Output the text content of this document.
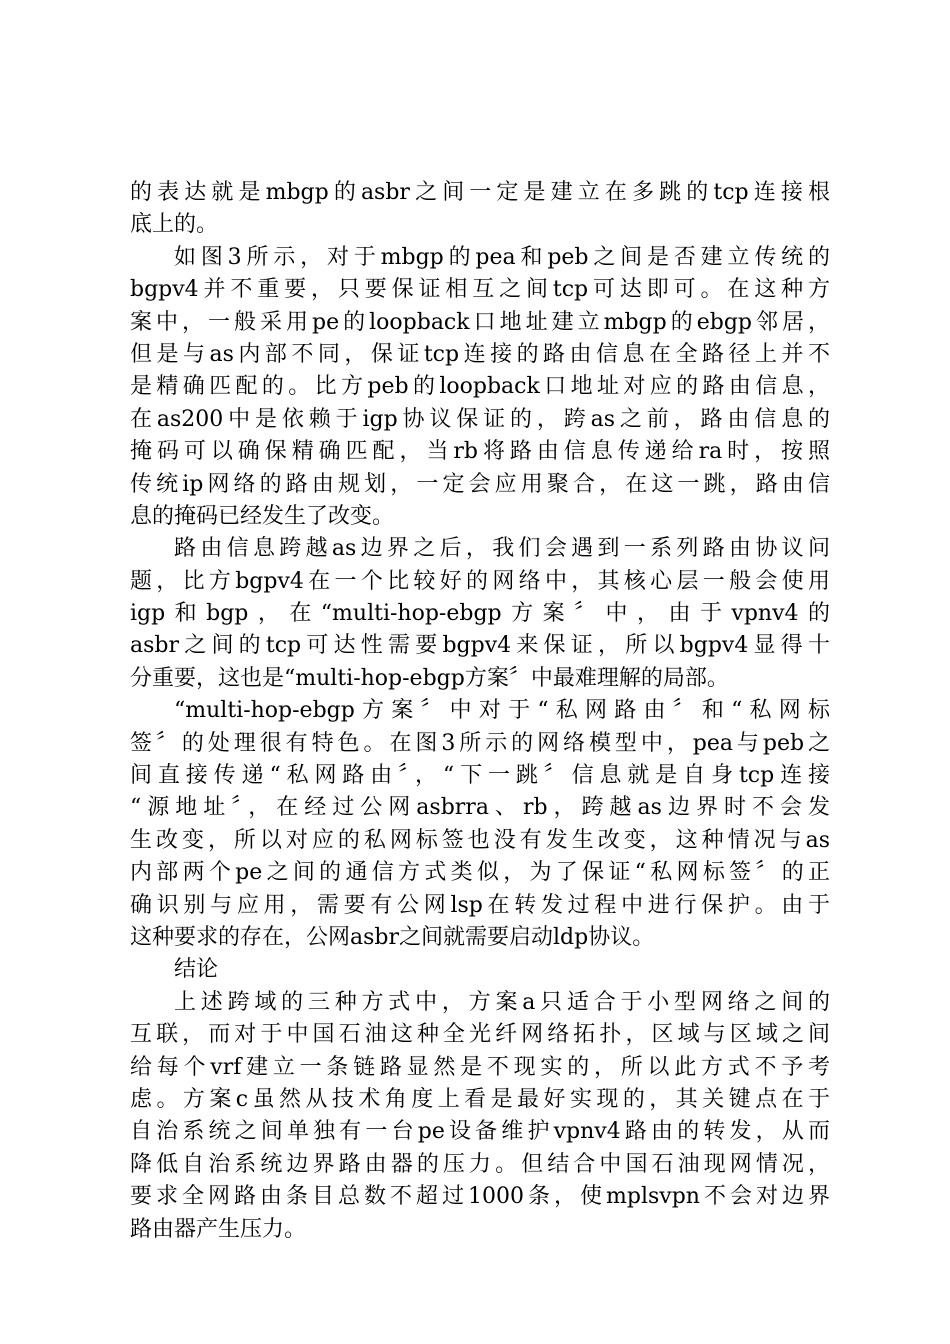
的表达就是mbgp的asbr之间一定是建立在多跳的tcp连接根
底上的。
如图3所示，对于mbgp的pea和peb之间是否建立传统的
bgpv4并不重要，只要保证相互之间tcp可达即可。在这种方
案中，一般采用pe的loopback口地址建立mbgp的ebgp邻居，
但是与as内部不同，保证tcp连接的路由信息在全路径上并不
是精确匹配的。比方peb的loopback口地址对应的路由信息，
在as200中是依赖于igp协议保证的，跨as之前，路由信息的
掩码可以确保精确匹配，当rb将路由信息传递给ra时，按照
传统ip网络的路由规划，一定会应用聚合，在这一跳，路由信
息的掩码已经发生了改变。
路由信息跨越as边界之后，我们会遇到一系列路由协议问
题，比方bgpv4在一个比较好的网络中，其核心层一般会使用
igp和bgp，在“multi-hop-ebgp方案〞中，由于vpnv4的
asbr之间的tcp可达性需要bgpv4来保证，所以bgpv4显得十
分重要，这也是“multi-hop-ebgp方案〞中最难理解的局部。
“multi-hop-ebgp方案〞中对于“私网路由〞和“私网标
签〞的处理很有特色。在图3所示的网络模型中，pea与peb之
间直接传递“私网路由〞，“下一跳〞信息就是自身tcp连接
“源地址〞，在经过公网asbrra、rb，跨越as边界时不会发
生改变，所以对应的私网标签也没有发生改变，这种情况与as
内部两个pe之间的通信方式类似，为了保证“私网标签〞的正
确识别与应用，需要有公网lsp在转发过程中进行保护。由于
这种要求的存在，公网asbr之间就需要启动ldp协议。
结论
上述跨域的三种方式中，方案a只适合于小型网络之间的
互联，而对于中国石油这种全光纤网络拓扑，区域与区域之间
给每个vrf建立一条链路显然是不现实的，所以此方式不予考
虑。方案c虽然从技术角度上看是最好实现的，其关键点在于
自治系统之间单独有一台pe设备维护vpnv4路由的转发，从而
降低自治系统边界路由器的压力。但结合中国石油现网情况，
要求全网路由条目总数不超过1000条，使mplsvpn不会对边界
路由器产生压力。
